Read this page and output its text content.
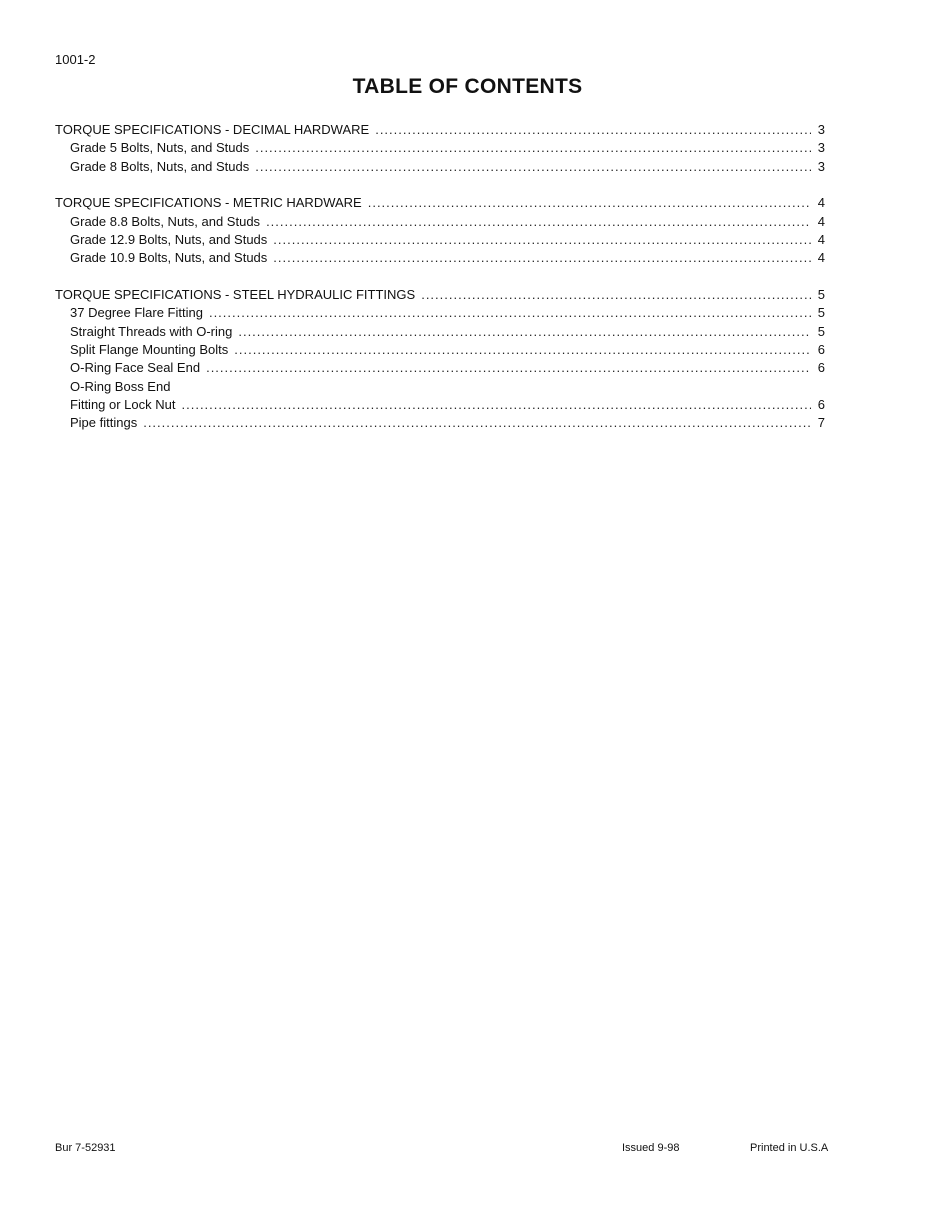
1001-2
TABLE OF CONTENTS
TORQUE SPECIFICATIONS - DECIMAL HARDWARE .....	3
Grade 5 Bolts, Nuts, and Studs .....	3
Grade 8 Bolts, Nuts, and Studs .....	3
TORQUE SPECIFICATIONS - METRIC HARDWARE .....	4
Grade 8.8 Bolts, Nuts, and Studs .....	4
Grade 12.9 Bolts, Nuts, and Studs .....	4
Grade 10.9 Bolts, Nuts, and Studs .....	4
TORQUE SPECIFICATIONS - STEEL HYDRAULIC FITTINGS .....	5
37 Degree Flare Fitting .....	5
Straight Threads with O-ring .....	5
Split Flange Mounting Bolts .....	6
O-Ring Face Seal End .....	6
O-Ring Boss End
Fitting or Lock Nut .....	6
Pipe fittings .....	7
Bur 7-52931	Issued 9-98	Printed in U.S.A
